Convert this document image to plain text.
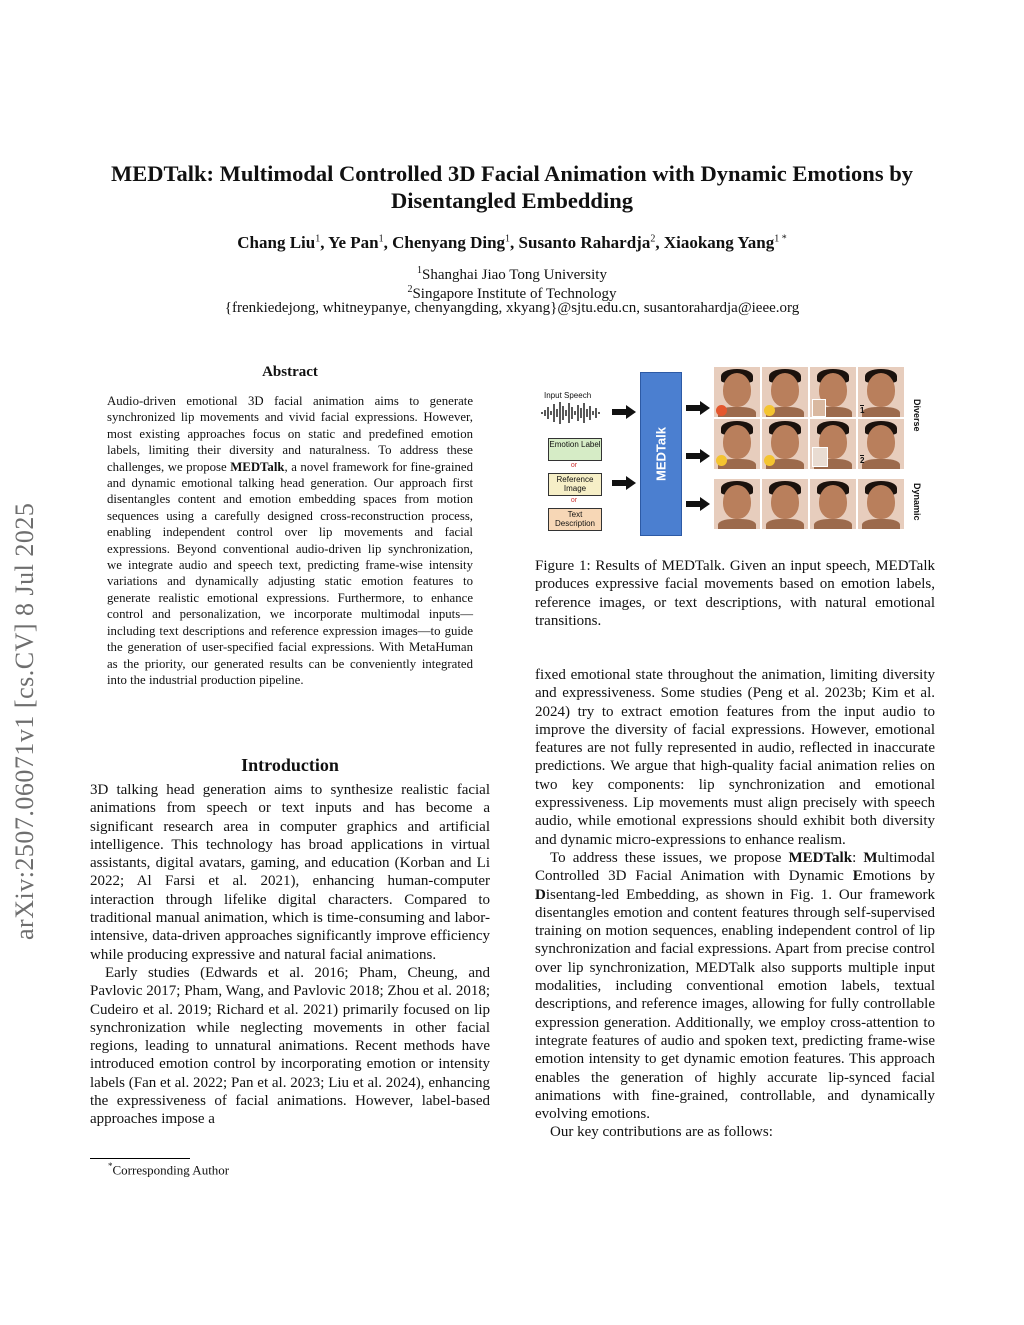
arXiv:2507.06071v1 [cs.CV] 8 Jul 2025
MEDTalk: Multimodal Controlled 3D Facial Animation with Dynamic Emotions by Disentangled Embedding
Chang Liu$^1$, Ye Pan$^1$, Chenyang Ding$^1$, Susanto Rahardja$^2$, Xiaokang Yang$^{1 *}$
$^1$Shanghai Jiao Tong University
$^2$Singapore Institute of Technology
{frenkiedejong, whitneypanye, chenyangding, xkyang}@sjtu.edu.cn, susantorahardja@ieee.org
Abstract
Audio-driven emotional 3D facial animation aims to generate synchronized lip movements and vivid facial expressions. However, most existing approaches focus on static and predefined emotion labels, limiting their diversity and naturalness. To address these challenges, we propose MEDTalk, a novel framework for fine-grained and dynamic emotional talking head generation. Our approach first disentangles content and emotion embedding spaces from motion sequences using a carefully designed cross-reconstruction process, enabling independent control over lip movements and facial expressions. Beyond conventional audio-driven lip synchronization, we integrate audio and speech text, predicting frame-wise intensity variations and dynamically adjusting static emotion features to generate realistic emotional expressions. Furthermore, to enhance control and personalization, we incorporate multimodal inputs—including text descriptions and reference expression images—to guide the generation of user-specified facial expressions. With MetaHuman as the priority, our generated results can be conveniently integrated into the industrial production pipeline.
Introduction

3D talking head generation aims to synthesize realistic facial animations from speech or text inputs and has become a significant research area in computer graphics and artificial intelligence. This technology has broad applications in virtual assistants, digital avatars, gaming, and education (Korban and Li 2022; Al Farsi et al. 2021), enhancing human-computer interaction through lifelike digital characters. Compared to traditional manual animation, which is time-consuming and labor-intensive, data-driven approaches significantly improve efficiency while producing expressive and natural facial animations.

Early studies (Edwards et al. 2016; Pham, Cheung, and Pavlovic 2017; Pham, Wang, and Pavlovic 2018; Zhou et al. 2018; Cudeiro et al. 2019; Richard et al. 2021) primarily focused on lip synchronization while neglecting movements in other facial regions, leading to unnatural animations. Recent methods have introduced emotion control by incorporating emotion or intensity labels (Fan et al. 2022; Pan et al. 2023; Liu et al. 2024), enhancing the expressiveness of facial animations. However, label-based approaches impose a

*Corresponding Author
Input Speech
Emotion Label
or
Reference Image
or
Text Description
MEDTalk
1
2
Diverse
Dynamic
Figure 1: Results of MEDTalk. Given an input speech, MEDTalk produces expressive facial movements based on emotion labels, reference images, or text descriptions, with natural emotional transitions.

fixed emotional state throughout the animation, limiting diversity and expressiveness. Some studies (Peng et al. 2023b; Kim et al. 2024) try to extract emotion features from the input audio to improve the diversity of facial expressions. However, emotional features are not fully represented in audio, reflected in inaccurate predictions. We argue that high-quality facial animation relies on two key components: lip synchronization and emotional expressiveness. Lip movements must align precisely with speech audio, while emotional expressions should exhibit both diversity and dynamic micro-expressions to enhance realism.

To address these issues, we propose MEDTalk: Multimodal Controlled 3D Facial Animation with Dynamic Emotions by Disentang-led Embedding, as shown in Fig. 1. Our framework disentangles emotion and content features through self-supervised training on motion sequences, enabling independent control of lip synchronization and facial expressions. Apart from precise control over lip synchronization, MEDTalk also supports multiple input modalities, including conventional emotion labels, textual descriptions, and reference images, allowing for fully controllable expression generation. Additionally, we employ cross-attention to integrate features of audio and spoken text, predicting frame-wise emotion intensity to get dynamic emotion features. This approach enables the generation of highly accurate lip-synced facial animations with fine-grained, controllable, and dynamically evolving emotions.

Our key contributions are as follows:
